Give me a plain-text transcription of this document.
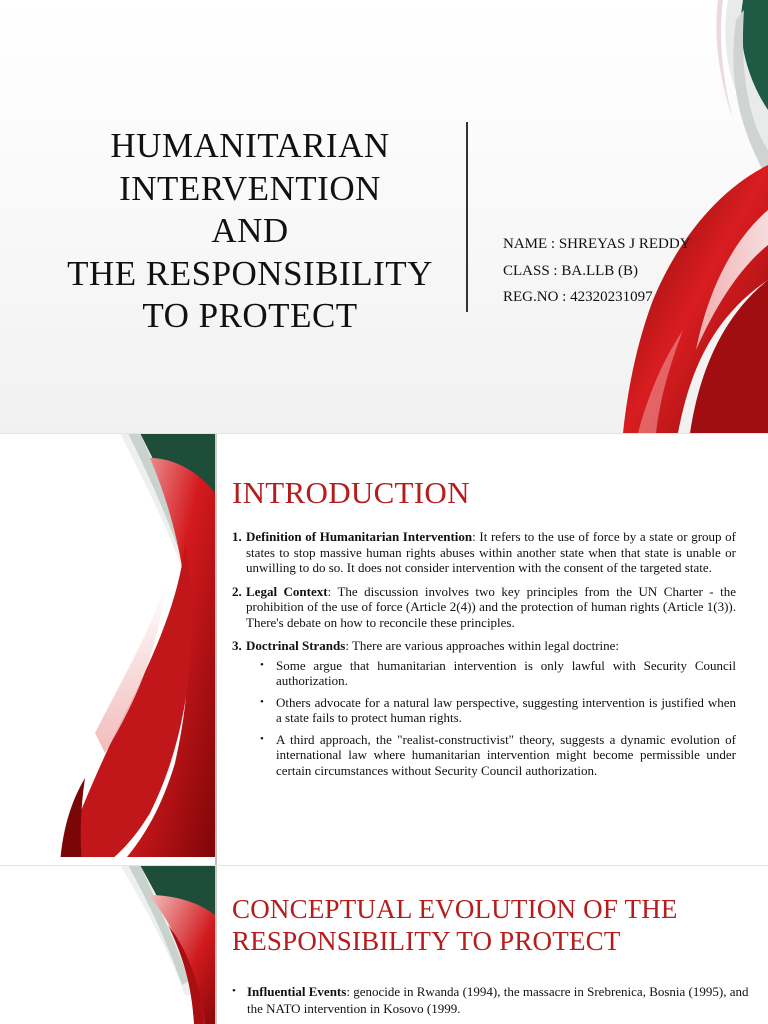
HUMANITARIAN
INTERVENTION
AND
THE RESPONSIBILITY
TO PROTECT
NAME : SHREYAS J REDDY
CLASS : BA.LLB (B)
REG.NO : 42320231097
INTRODUCTION
1. Definition of Humanitarian Intervention: It refers to the use of force by a state or group of states to stop massive human rights abuses within another state when that state is unable or unwilling to do so. It does not consider intervention with the consent of the targeted state.
2. Legal Context: The discussion involves two key principles from the UN Charter - the prohibition of the use of force (Article 2(4)) and the protection of human rights (Article 1(3)). There's debate on how to reconcile these principles.
3. Doctrinal Strands: There are various approaches within legal doctrine:
• Some argue that humanitarian intervention is only lawful with Security Council authorization.
• Others advocate for a natural law perspective, suggesting intervention is justified when a state fails to protect human rights.
• A third approach, the "realist-constructivist" theory, suggests a dynamic evolution of international law where humanitarian intervention might become permissible under certain circumstances without Security Council authorization.
CONCEPTUAL EVOLUTION OF THE
RESPONSIBILITY TO PROTECT
• Influential Events: genocide in Rwanda (1994), the massacre in Srebrenica, Bosnia (1995), and the NATO intervention in Kosovo (1999.
